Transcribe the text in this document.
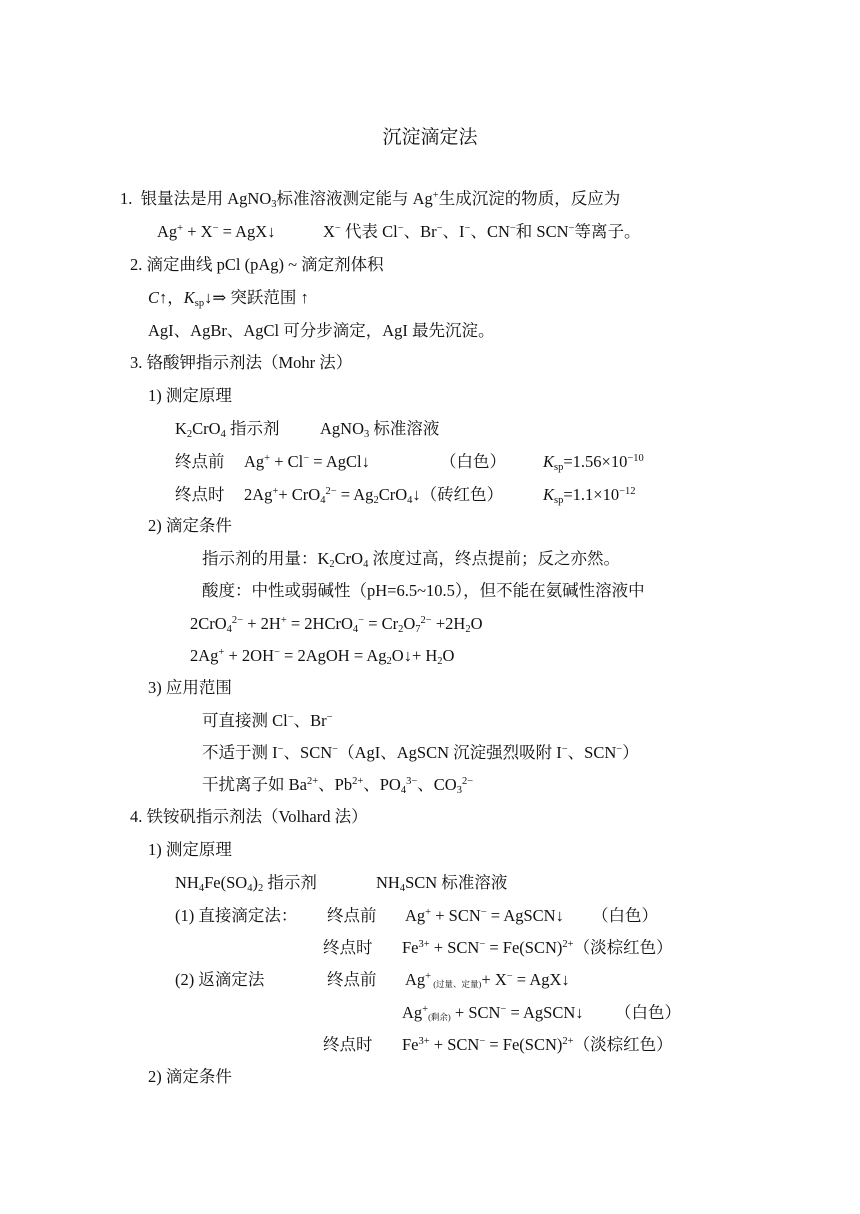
沉淀滴定法
1. 银量法是用 AgNO$_3$标准溶液测定能与 Ag+生成沉淀的物质，反应为
Ag+ + X− = AgX↓	X− 代表 Cl−、Br−、I−、CN−和 SCN−等离子。
2. 滴定曲线 pCl (pAg) ~ 滴定剂体积
C↑，$K_{sp}↓\Rightarrow$ 突跃范围 ↑
AgI、AgBr、AgCl 可分步滴定，AgI 最先沉淀。
3. 铬酸钾指示剂法（Mohr 法）
1) 测定原理
$K_2CrO_4$ 指示剂 AgNO$_3$ 标准溶液
终点前 Ag+ + Cl− = AgCl↓	（白色） $K_{sp}=1.56\times 10^{-10}$
终点时 $2Ag^++ CrO_4^{2-} = Ag_2CrO_4↓$（砖红色） $K_{sp}=1.1\times 10^{-12}$
2) 滴定条件
指示剂的用量：$K_2CrO_4$ 浓度过高，终点提前；反之亦然。
酸度：中性或弱碱性（pH=6.5~10.5），但不能在氨碱性溶液中
2CrO$_4^{2-}$ + 2H+ = 2HCrO$_4$− = $Cr_2O_7^{2-} +2H_2O$
2Ag+ + 2OH− = 2AgOH = $Ag_2O↓+ H_2O$
3) 应用范围
可直接测 Cl−、Br−
不适于测 I−、SCN−（AgI、AgSCN 沉淀强烈吸附 I−、SCN−）
干扰离子如 $Ba^{2+}$、$Pb^{2+}$、$PO_4^{3-}$、$CO_3^{2-}$
4. 铁铵矾指示剂法（Volhard 法）
1) 测定原理
$NH_4Fe(SO_4)_2$ 指示剂	$NH_4SCN$ 标准溶液
(1) 直接滴定法： 终点前 Ag+ + SCN− = AgSCN↓ （白色）
终点时 $Fe^{3+} + SCN^- = Fe(SCN)^{2+}$（淡棕红色）
(2) 返滴定法	终点前 Ag+ (过量、定量)+ X− = AgX↓
Ag+(剩余) + SCN− = AgSCN↓ （白色）
终点时 $Fe^{3+} + SCN^- = Fe(SCN)^{2+}$（淡棕红色）
2) 滴定条件
